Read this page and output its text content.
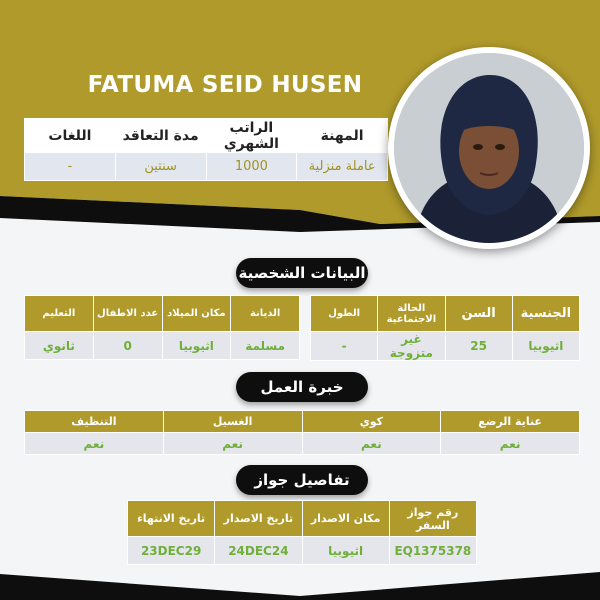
FATUMA SEID HUSEN
المهنة	الراتب الشهري	مدة التعاقد	اللغات
عاملة منزلية	1000	سنتين	-
البيانات الشخصية
الجنسية	السن	الحالة الاجتماعية	الطول
اثيوبيا	25	غير متزوجة	-
الديانة	مكان الميلاد	عدد الاطفال	التعليم
مسلمة	اثيوبيا	0	ثانوي
خبرة العمل
عناية الرضع	كوي	الغسيل	التنظيف
نعم	نعم	نعم	نعم
تفاصيل جواز
رقم جواز السفر	مكان الاصدار	تاريخ الاصدار	تاريخ الانتهاء
EQ1375378	اثيوبيا	24DEC24	23DEC29
